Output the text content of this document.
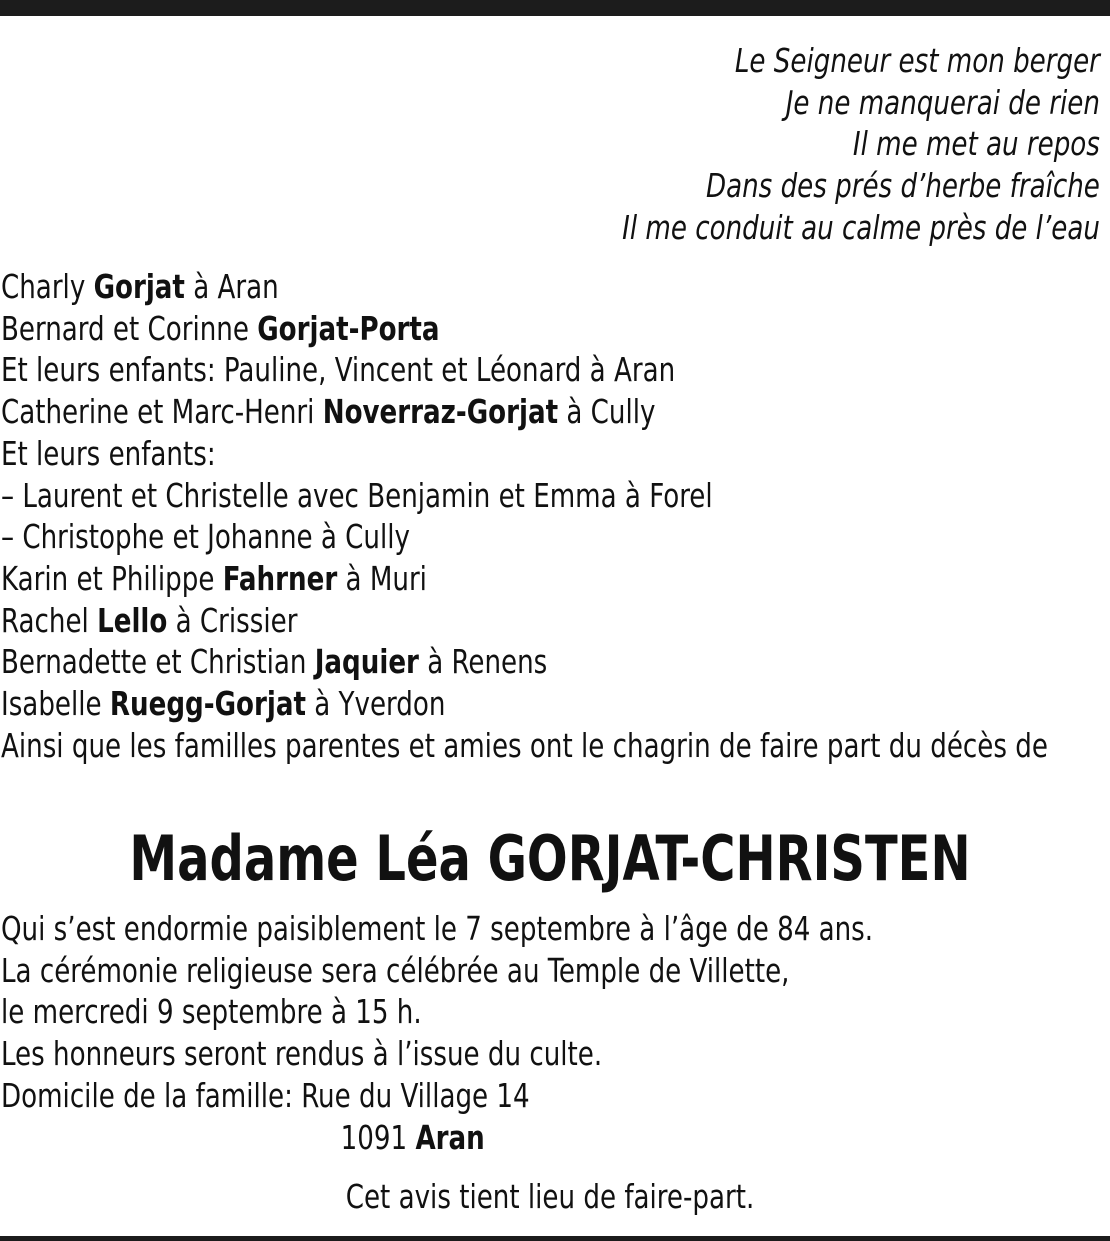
Le Seigneur est mon berger
Je ne manquerai de rien
Il me met au repos
Dans des prés d’herbe fraîche
Il me conduit au calme près de l’eau
Charly Gorjat à Aran
Bernard et Corinne Gorjat-Porta
Et leurs enfants: Pauline, Vincent et Léonard à Aran
Catherine et Marc-Henri Noverraz-Gorjat à Cully
Et leurs enfants:
– Laurent et Christelle avec Benjamin et Emma à Forel
– Christophe et Johanne à Cully
Karin et Philippe Fahrner à Muri
Rachel Lello à Crissier
Bernadette et Christian Jaquier à Renens
Isabelle Ruegg-Gorjat à Yverdon
Ainsi que les familles parentes et amies ont le chagrin de faire part du décès de
Madame Léa GORJAT-CHRISTEN
Qui s’est endormie paisiblement le 7 septembre à l’âge de 84 ans.
La cérémonie religieuse sera célébrée au Temple de Villette,
le mercredi 9 septembre à 15 h.
Les honneurs seront rendus à l’issue du culte.
Domicile de la famille: Rue du Village 14
1091 Aran
Cet avis tient lieu de faire-part.
